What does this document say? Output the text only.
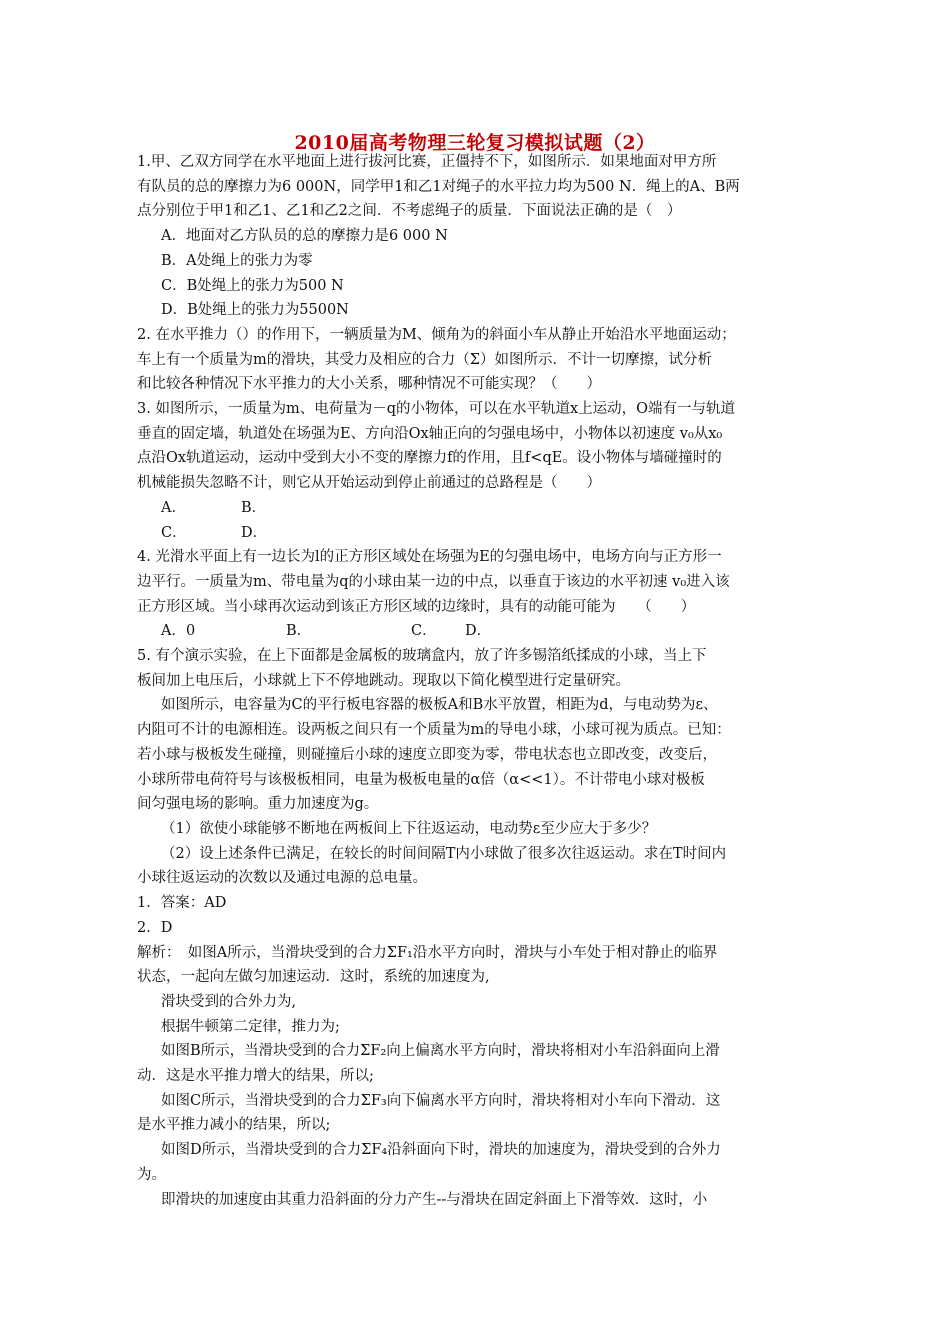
2010届高考物理三轮复习模拟试题（2）

1.甲、乙双方同学在水平地面上进行拔河比赛，正僵持不下，如图所示．如果地面对甲方所

有队员的总的摩擦力为6 000N，同学甲1和乙1对绳子的水平拉力均为500 N．绳上的A、B两

点分别位于甲1和乙1、乙1和乙2之间．不考虑绳子的质量．下面说法正确的是（　）

A．地面对乙方队员的总的摩擦力是6 000 N

B．A处绳上的张力为零

C．B处绳上的张力为500 N

D．B处绳上的张力为5500N

2. 在水平推力（）的作用下，一辆质量为M、倾角为的斜面小车从静止开始沿水平地面运动；

车上有一个质量为m的滑块，其受力及相应的合力（Σ）如图所示．不计一切摩擦，试分析

和比较各种情况下水平推力的大小关系，哪种情况不可能实现？（　　）

3. 如图所示，一质量为m、电荷量为－q的小物体，可以在水平轨道x上运动，O端有一与轨道

垂直的固定墙，轨道处在场强为E、方向沿Ox轴正向的匀强电场中，小物体以初速度 v₀从x₀

点沿Ox轨道运动，运动中受到大小不变的摩擦力f的作用，且f<qE。设小物体与墙碰撞时的

机械能损失忽略不计，则它从开始运动到停止前通过的总路程是（　　）

A．	B．
C．	D．

4. 光滑水平面上有一边长为l的正方形区域处在场强为E的匀强电场中，电场方向与正方形一

边平行。一质量为m、带电量为q的小球由某一边的中点，以垂直于该边的水平初速 v₀进入该

正方形区域。当小球再次运动到该正方形区域的边缘时，具有的动能可能为　　（　　）

A．0	B．	C．	D．

5. 有个演示实验，在上下面都是金属板的玻璃盒内，放了许多锡箔纸揉成的小球，当上下

板间加上电压后，小球就上下不停地跳动。现取以下简化模型进行定量研究。

如图所示，电容量为C的平行板电容器的极板A和B水平放置，相距为d，与电动势为ε、

内阻可不计的电源相连。设两板之间只有一个质量为m的导电小球，小球可视为质点。已知：

若小球与极板发生碰撞，则碰撞后小球的速度立即变为零，带电状态也立即改变，改变后，

小球所带电荷符号与该极板相同，电量为极板电量的α倍（α<<1）。不计带电小球对极板

间匀强电场的影响。重力加速度为g。

（1）欲使小球能够不断地在两板间上下往返运动，电动势ε至少应大于多少？

（2）设上述条件已满足，在较长的时间间隔T内小球做了很多次往返运动。求在T时间内

小球往返运动的次数以及通过电源的总电量。

1．答案：AD

2．D

解析：　如图A所示，当滑块受到的合力ΣF₁沿水平方向时，滑块与小车处于相对静止的临界

状态，一起向左做匀加速运动．这时，系统的加速度为,

滑块受到的合外力为,

根据牛顿第二定律，推力为;

如图B所示，当滑块受到的合力ΣF₂向上偏离水平方向时，滑块将相对小车沿斜面向上滑

动．这是水平推力增大的结果，所以;

如图C所示，当滑块受到的合力ΣF₃向下偏离水平方向时，滑块将相对小车向下滑动．这

是水平推力减小的结果，所以;

如图D所示，当滑块受到的合力ΣF₄沿斜面向下时，滑块的加速度为，滑块受到的合外力

为。

即滑块的加速度由其重力沿斜面的分力产生--与滑块在固定斜面上下滑等效．这时，小
